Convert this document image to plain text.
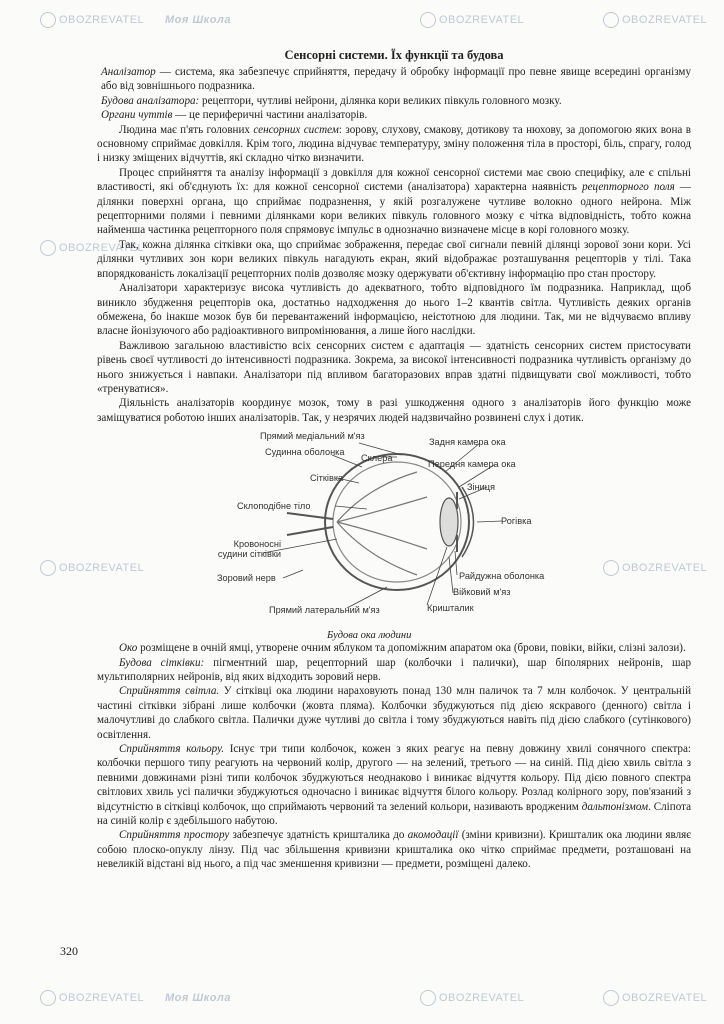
OBOZREVATEL Моя Школа	OBOZREVATEL	OBOZREVATEL
OBOZREVATEL
OBOZREVATEL	OBOZREVATEL
OBOZREVATEL Моя Школа	OBOZREVATEL	OBOZREVATEL
Сенсорні системи. Їх функції та будова

Аналізатор — система, яка забезпечує сприйняття, передачу й обробку інформації про певне явище всередині організму або від зовнішнього подразника.

Будова аналізатора: рецептори, чутливі нейрони, ділянка кори великих півкуль головного мозку.

Органи чуттів — це периферичні частини аналізаторів.

Людина має п'ять головних сенсорних систем: зорову, слухову, смакову, дотикову та нюхову, за допомогою яких вона в основному сприймає довкілля. Крім того, людина відчуває температуру, зміну положення тіла в просторі, біль, спрагу, голод і низку зміщених відчуттів, які складно чітко визначити.

Процес сприйняття та аналізу інформації з довкілля для кожної сенсорної системи має свою специфіку, але є спільні властивості, які об'єднують їх: для кожної сенсорної системи (аналізатора) характерна наявність рецепторного поля — ділянки поверхні органа, що сприймає подразнення, у якій розгалужене чутливе волокно одного нейрона. Між рецепторними полями і певними ділянками кори великих півкуль головного мозку є чітка відповідність, тобто кожна найменша частинка рецепторного поля спрямовує імпульс в однозначно визначене місце в корі головного мозку.

Так, кожна ділянка сітківки ока, що сприймає зображення, передає свої сигнали певній ділянці зорової зони кори. Усі ділянки чутливих зон кори великих півкуль нагадують екран, який відображає розташування рецепторів у тілі. Така впорядкованість локалізації рецепторних полів дозволяє мозку одержувати об'єктивну інформацію про стан простору.

Аналізатори характеризує висока чутливість до адекватного, тобто відповідного їм подразника. Наприклад, щоб виникло збудження рецепторів ока, достатньо надходження до нього 1–2 квантів світла. Чутливість деяких органів обмежена, бо інакше мозок був би перевантажений інформацією, неістотною для людини. Так, ми не відчуваємо впливу власне йонізуючого або радіоактивного випромінювання, а лише його наслідки.

Важливою загальною властивістю всіх сенсорних систем є адаптація — здатність сенсорних систем пристосувати рівень своєї чутливості до інтенсивності подразника. Зокрема, за високої інтенсивності подразника чутливість організму до нього знижується і навпаки. Аналізатори під впливом багаторазових вправ здатні підвищувати свої можливості, тобто «тренуватися».

Діяльність аналізаторів координує мозок, тому в разі ушкодження одного з аналізаторів його функцію може заміщуватися роботою інших аналізаторів. Так, у незрячих людей надзвичайно розвинені слух і дотик.

Прямий медіальний м'яз
Судинна оболонка
Склера
Сітківка
Склоподібне тіло
Кровоносні судини сітківки
Зоровий нерв
Прямий латеральний м'яз
Задня камера ока
Передня камера ока
Зіниця
Рогівка
Райдужна оболонка
Війковий м'яз
Кришталик
Будова ока людини

Око розміщене в очній ямці, утворене очним яблуком та допоміжним апаратом ока (брови, повіки, війки, слізні залози).

Будова сітківки: пігментний шар, рецепторний шар (колбочки і палички), шар біполярних нейронів, шар мультиполярних нейронів, від яких відходить зоровий нерв.

Сприйняття світла. У сітківці ока людини нараховують понад 130 млн паличок та 7 млн колбочок. У центральній частині сітківки зібрані лише колбочки (жовта пляма). Колбочки збуджуються під дією яскравого (денного) світла і малочутливі до слабкого світла. Палички дуже чутливі до світла і тому збуджуються навіть під дією слабкого (сутінкового) освітлення.

Сприйняття кольору. Існує три типи колбочок, кожен з яких реагує на певну довжину хвилі сонячного спектра: колбочки першого типу реагують на червоний колір, другого — на зелений, третього — на синій. Під дією хвиль світла з певними довжинами різні типи колбочок збуджуються неоднаково і виникає відчуття кольору. Під дією повного спектра світлових хвиль усі палички збуджуються одночасно і виникає відчуття білого кольору. Розлад колірного зору, пов'язаний з відсутністю в сітківці колбочок, що сприймають червоний та зелений кольори, називають вродженим дальтонізмом. Сліпота на синій колір є здебільшого набутою.

Сприйняття простору забезпечує здатність кришталика до акомодації (зміни кривизни). Кришталик ока людини являє собою плоско-опуклу лінзу. Під час збільшення кривизни кришталика око чітко сприймає предмети, розташовані на невеликій відстані від нього, а під час зменшення кривизни — предмети, розміщені далеко.

320
